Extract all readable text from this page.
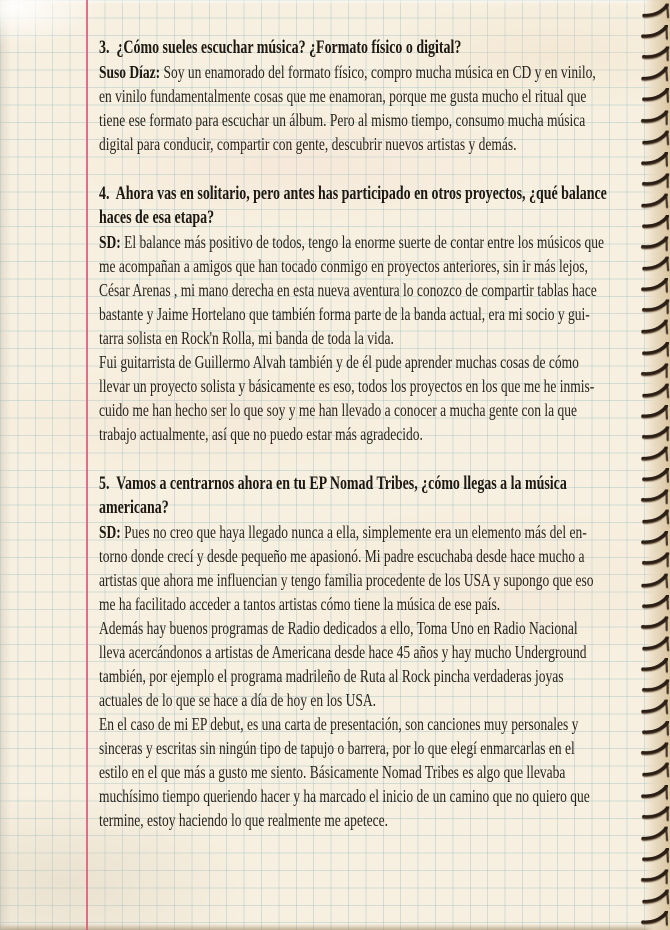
3.  ¿Cómo sueles escuchar música? ¿Formato físico o digital?
Suso Díaz: Soy un enamorado del formato físico, compro mucha música en CD y en vinilo,
en vinilo fundamentalmente cosas que me enamoran, porque me gusta mucho el ritual que
tiene ese formato para escuchar un álbum. Pero al mismo tiempo, consumo mucha música
digital para conducir, compartir con gente, descubrir nuevos artistas y demás.
4.  Ahora vas en solitario, pero antes has participado en otros proyectos, ¿qué balance
haces de esa etapa?
SD: El balance más positivo de todos, tengo la enorme suerte de contar entre los músicos que
me acompañan a amigos que han tocado conmigo en proyectos anteriores, sin ir más lejos,
César Arenas , mi mano derecha en esta nueva aventura lo conozco de compartir tablas hace
bastante y Jaime Hortelano que también forma parte de la banda actual, era mi socio y gui-
tarra solista en Rock'n Rolla, mi banda de toda la vida.
Fui guitarrista de Guillermo Alvah también y de él pude aprender muchas cosas de cómo
llevar un proyecto solista y básicamente es eso, todos los proyectos en los que me he inmis-
cuido me han hecho ser lo que soy y me han llevado a conocer a mucha gente con la que
trabajo actualmente, así que no puedo estar más agradecido.
5.  Vamos a centrarnos ahora en tu EP Nomad Tribes, ¿cómo llegas a la música
americana?
SD: Pues no creo que haya llegado nunca a ella, simplemente era un elemento más del en-
torno donde crecí y desde pequeño me apasionó. Mi padre escuchaba desde hace mucho a
artistas que ahora me influencian y tengo familia procedente de los USA y supongo que eso
me ha facilitado acceder a tantos artistas cómo tiene la música de ese país.
Además hay buenos programas de Radio dedicados a ello, Toma Uno en Radio Nacional
lleva acercándonos a artistas de Americana desde hace 45 años y hay mucho Underground
también, por ejemplo el programa madrileño de Ruta al Rock pincha verdaderas joyas
actuales de lo que se hace a día de hoy en los USA.
En el caso de mi EP debut, es una carta de presentación, son canciones muy personales y
sinceras y escritas sin ningún tipo de tapujo o barrera, por lo que elegí enmarcarlas en el
estilo en el que más a gusto me siento. Básicamente Nomad Tribes es algo que llevaba
muchísimo tiempo queriendo hacer y ha marcado el inicio de un camino que no quiero que
termine, estoy haciendo lo que realmente me apetece.
